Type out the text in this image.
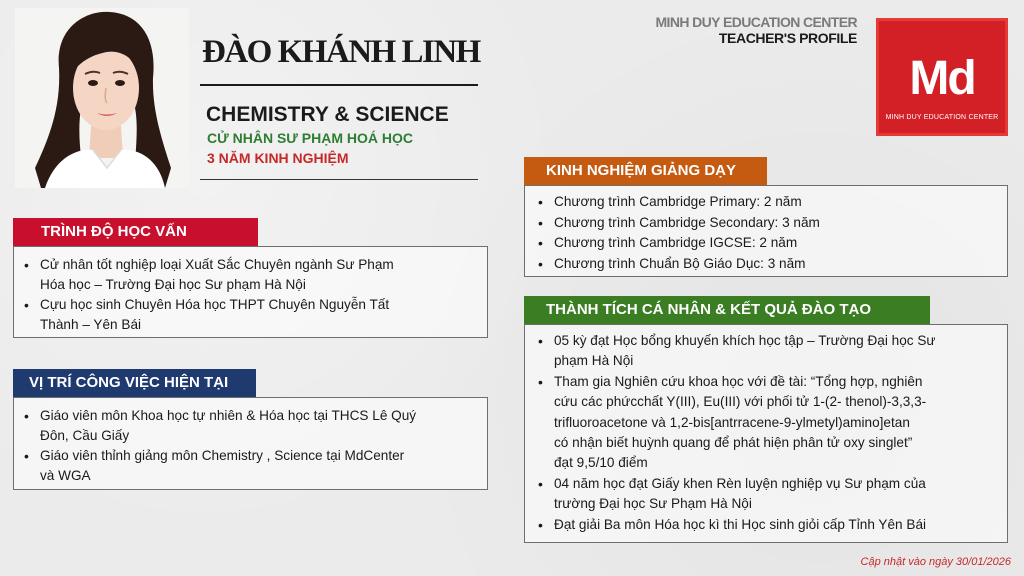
ĐÀO KHÁNH LINH
CHEMISTRY & SCIENCE
CỬ NHÂN SƯ PHẠM HOÁ HỌC
3 NĂM KINH NGHIỆM
MINH DUY EDUCATION CENTER
TEACHER'S PROFILE
Md
MINH DUY EDUCATION CENTER
TRÌNH ĐỘ HỌC VẤN
• Cử nhân tốt nghiệp loại Xuất Sắc Chuyên ngành Sư Phạm
Hóa học – Trường Đại học Sư phạm Hà Nội
• Cựu học sinh Chuyên Hóa học THPT Chuyên Nguyễn Tất
Thành – Yên Bái
VỊ TRÍ CÔNG VIỆC HIỆN TẠI
• Giáo viên môn Khoa học tự nhiên & Hóa học tại THCS Lê Quý
Đôn, Cầu Giấy
• Giáo viên thỉnh giảng môn Chemistry , Science tại MdCenter
và WGA
KINH NGHIỆM GIẢNG DẠY
• Chương trình Cambridge Primary: 2 năm
• Chương trình Cambridge Secondary: 3 năm
• Chương trình Cambridge IGCSE: 2 năm
• Chương trình Chuẩn Bộ Giáo Dục: 3 năm
THÀNH TÍCH CÁ NHÂN & KẾT QUẢ ĐÀO TẠO
• 05 kỳ đạt Học bổng khuyến khích học tập – Trường Đại học Sư
phạm Hà Nội
• Tham gia Nghiên cứu khoa học với đề tài: “Tổng hợp, nghiên
cứu các phứcchất Y(III), Eu(III) với phối tử 1-(2- thenol)-3,3,3-
trifluoroacetone và 1,2-bis[antrracene-9-ylmetyl)amino]etan
có nhận biết huỳnh quang để phát hiện phân tử oxy singlet”
đạt 9,5/10 điểm
• 04 năm học đạt Giấy khen Rèn luyện nghiệp vụ Sư phạm của
trường Đại học Sư Phạm Hà Nội
• Đạt giải Ba môn Hóa học kì thi Học sinh giỏi cấp Tỉnh Yên Bái
Cập nhật vào ngày 30/01/2026
